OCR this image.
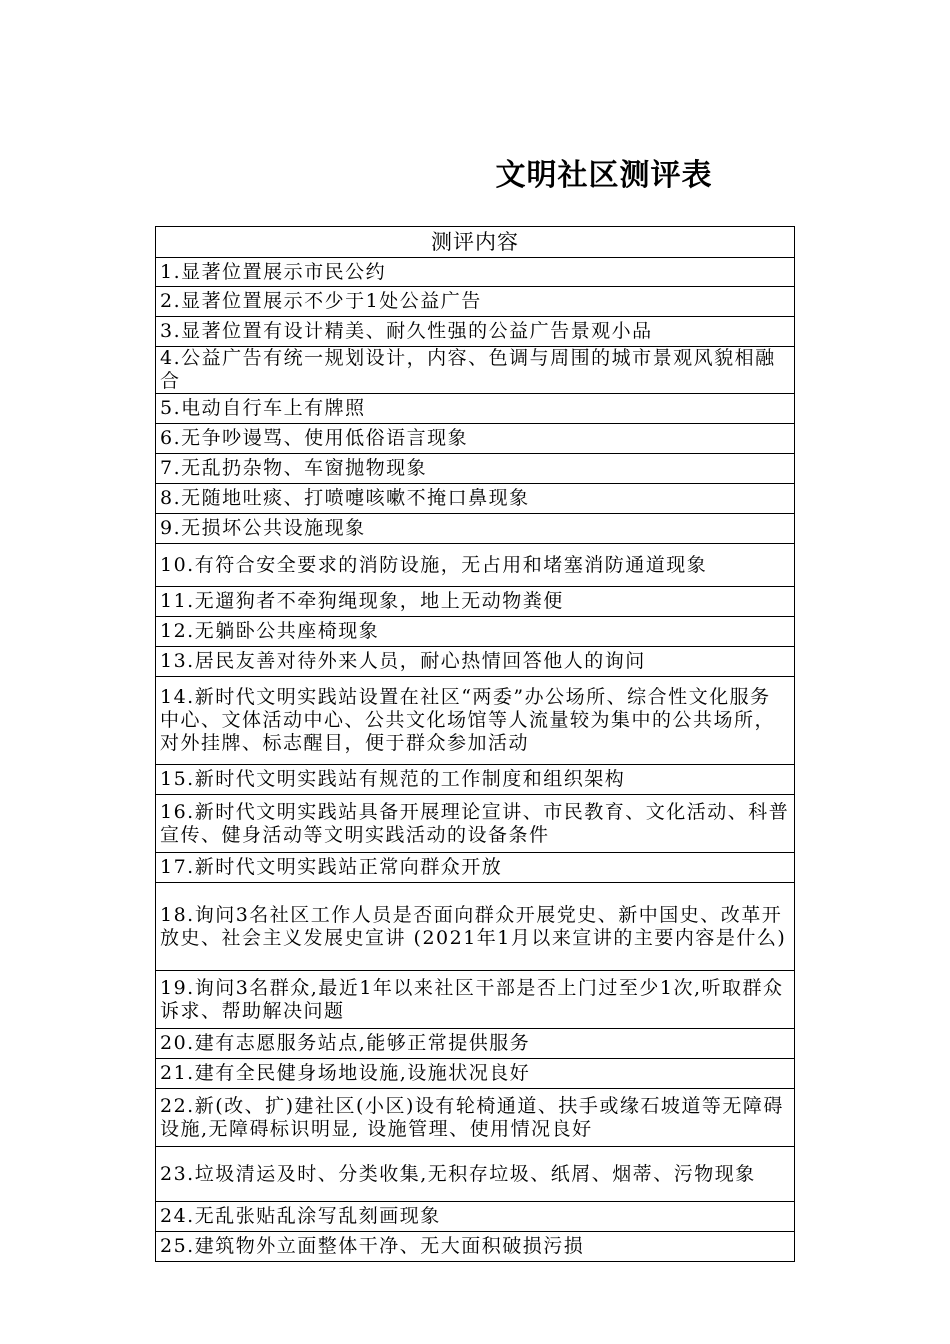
文明社区测评表
测评内容
1.显著位置展示市民公约
2.显著位置展示不少于1处公益广告
3.显著位置有设计精美、耐久性强的公益广告景观小品
4.公益广告有统一规划设计，内容、色调与周围的城市景观风貌相融合
5.电动自行车上有牌照
6.无争吵谩骂、使用低俗语言现象
7.无乱扔杂物、车窗抛物现象
8.无随地吐痰、打喷嚏咳嗽不掩口鼻现象
9.无损坏公共设施现象
10.有符合安全要求的消防设施，无占用和堵塞消防通道现象
11.无遛狗者不牵狗绳现象，地上无动物粪便
12.无躺卧公共座椅现象
13.居民友善对待外来人员，耐心热情回答他人的询问
14.新时代文明实践站设置在社区“两委”办公场所、综合性文化服务中心、文体活动中心、公共文化场馆等人流量较为集中的公共场所，对外挂牌、标志醒目，便于群众参加活动
15.新时代文明实践站有规范的工作制度和组织架构
16.新时代文明实践站具备开展理论宣讲、市民教育、文化活动、科普宣传、健身活动等文明实践活动的设备条件
17.新时代文明实践站正常向群众开放
18.询问3名社区工作人员是否面向群众开展党史、新中国史、改革开放史、社会主义发展史宣讲 (2021年1月以来宣讲的主要内容是什么)
19.询问3名群众,最近1年以来社区干部是否上门过至少1次,听取群众诉求、帮助解决问题
20.建有志愿服务站点,能够正常提供服务
21.建有全民健身场地设施,设施状况良好
22.新(改、扩)建社区(小区)设有轮椅通道、扶手或缘石坡道等无障碍设施,无障碍标识明显, 设施管理、使用情况良好
23.垃圾清运及时、分类收集,无积存垃圾、纸屑、烟蒂、污物现象
24.无乱张贴乱涂写乱刻画现象
25.建筑物外立面整体干净、无大面积破损污损
